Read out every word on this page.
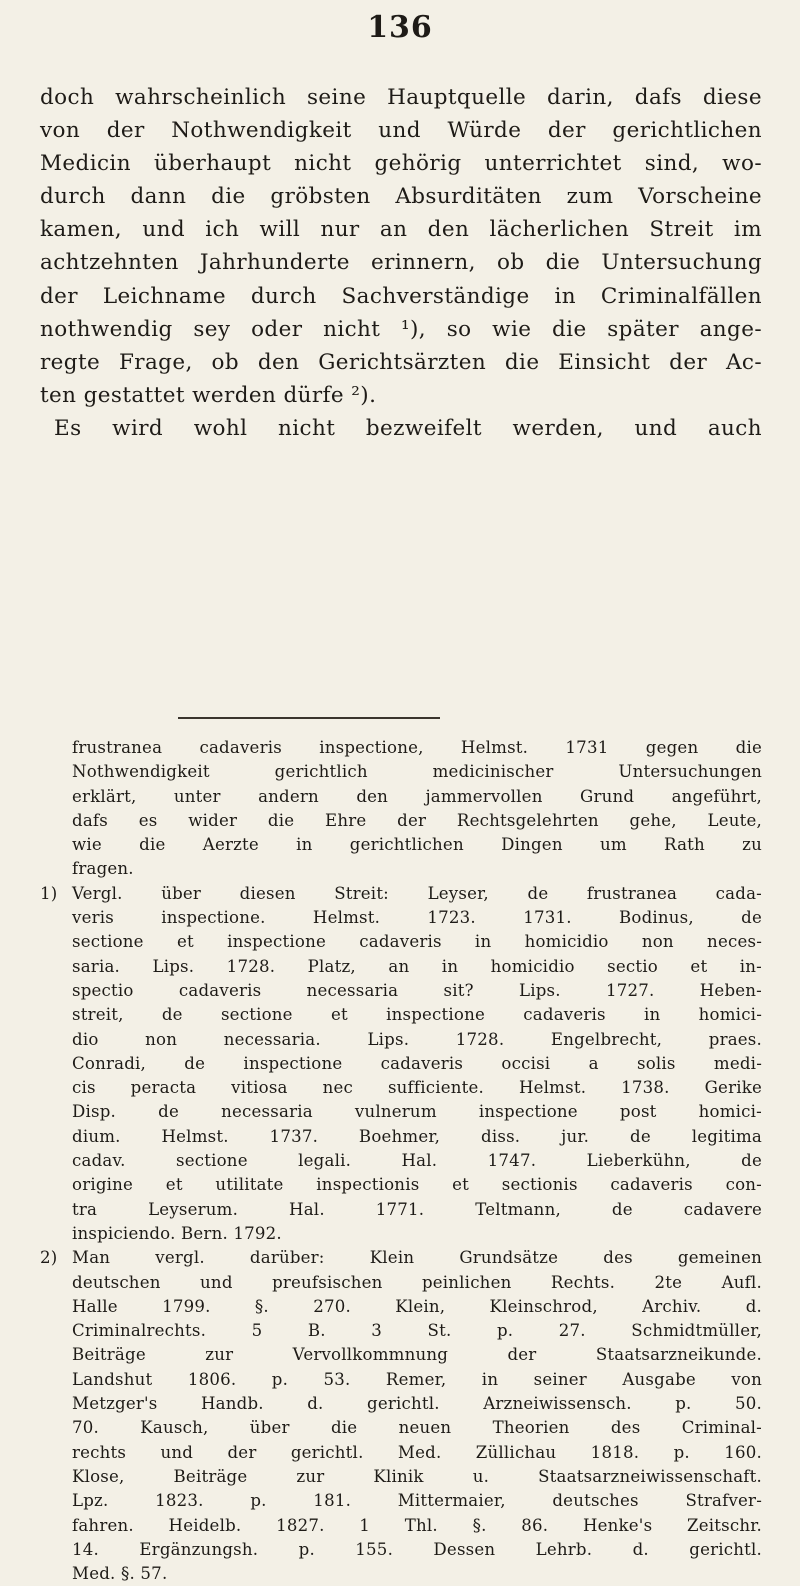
136
doch wahrscheinlich seine Hauptquelle darin, dafs diese
von der Nothwendigkeit und Würde der gerichtlichen
Medicin überhaupt nicht gehörig unterrichtet sind, wo-
durch dann die gröbsten Absurditäten zum Vorscheine
kamen, und ich will nur an den lächerlichen Streit im
achtzehnten Jahrhunderte erinnern, ob die Untersuchung
der Leichname durch Sachverständige in Criminalfällen
nothwendig sey oder nicht ¹), so wie die später ange-
regte Frage, ob den Gerichtsärzten die Einsicht der Ac-
ten gestattet werden dürfe ²).
Es wird wohl nicht bezweifelt werden, und auch
frustranea cadaveris inspectione, Helmst. 1731 gegen die
Nothwendigkeit gerichtlich medicinischer Untersuchungen
erklärt, unter andern den jammervollen Grund angeführt,
dafs es wider die Ehre der Rechtsgelehrten gehe, Leute,
wie die Aerzte in gerichtlichen Dingen um Rath zu
fragen.
1) Vergl. über diesen Streit: Leyser, de frustranea cada-
veris inspectione. Helmst. 1723. 1731. Bodinus, de
sectione et inspectione cadaveris in homicidio non neces-
saria. Lips. 1728. Platz, an in homicidio sectio et in-
spectio cadaveris necessaria sit? Lips. 1727. Heben-
streit, de sectione et inspectione cadaveris in homici-
dio non necessaria. Lips. 1728. Engelbrecht, praes.
Conradi, de inspectione cadaveris occisi a solis medi-
cis peracta vitiosa nec sufficiente. Helmst. 1738. Gerike
Disp. de necessaria vulnerum inspectione post homici-
dium. Helmst. 1737. Boehmer, diss. jur. de legitima
cadav. sectione legali. Hal. 1747. Lieberkühn, de
origine et utilitate inspectionis et sectionis cadaveris con-
tra Leyserum. Hal. 1771. Teltmann, de cadavere
inspiciendo. Bern. 1792.
2) Man vergl. darüber: Klein Grundsätze des gemeinen
deutschen und preufsischen peinlichen Rechts. 2te Aufl.
Halle 1799. §. 270. Klein, Kleinschrod, Archiv. d.
Criminalrechts. 5 B. 3 St. p. 27. Schmidtmüller,
Beiträge zur Vervollkommnung der Staatsarzneikunde.
Landshut 1806. p. 53. Remer, in seiner Ausgabe von
Metzger's Handb. d. gerichtl. Arzneiwissensch. p. 50.
70. Kausch, über die neuen Theorien des Criminal-
rechts und der gerichtl. Med. Züllichau 1818. p. 160.
Klose, Beiträge zur Klinik u. Staatsarzneiwissenschaft.
Lpz. 1823. p. 181. Mittermaier, deutsches Strafver-
fahren. Heidelb. 1827. 1 Thl. §. 86. Henke's Zeitschr.
14. Ergänzungsh. p. 155. Dessen Lehrb. d. gerichtl.
Med. §. 57.
